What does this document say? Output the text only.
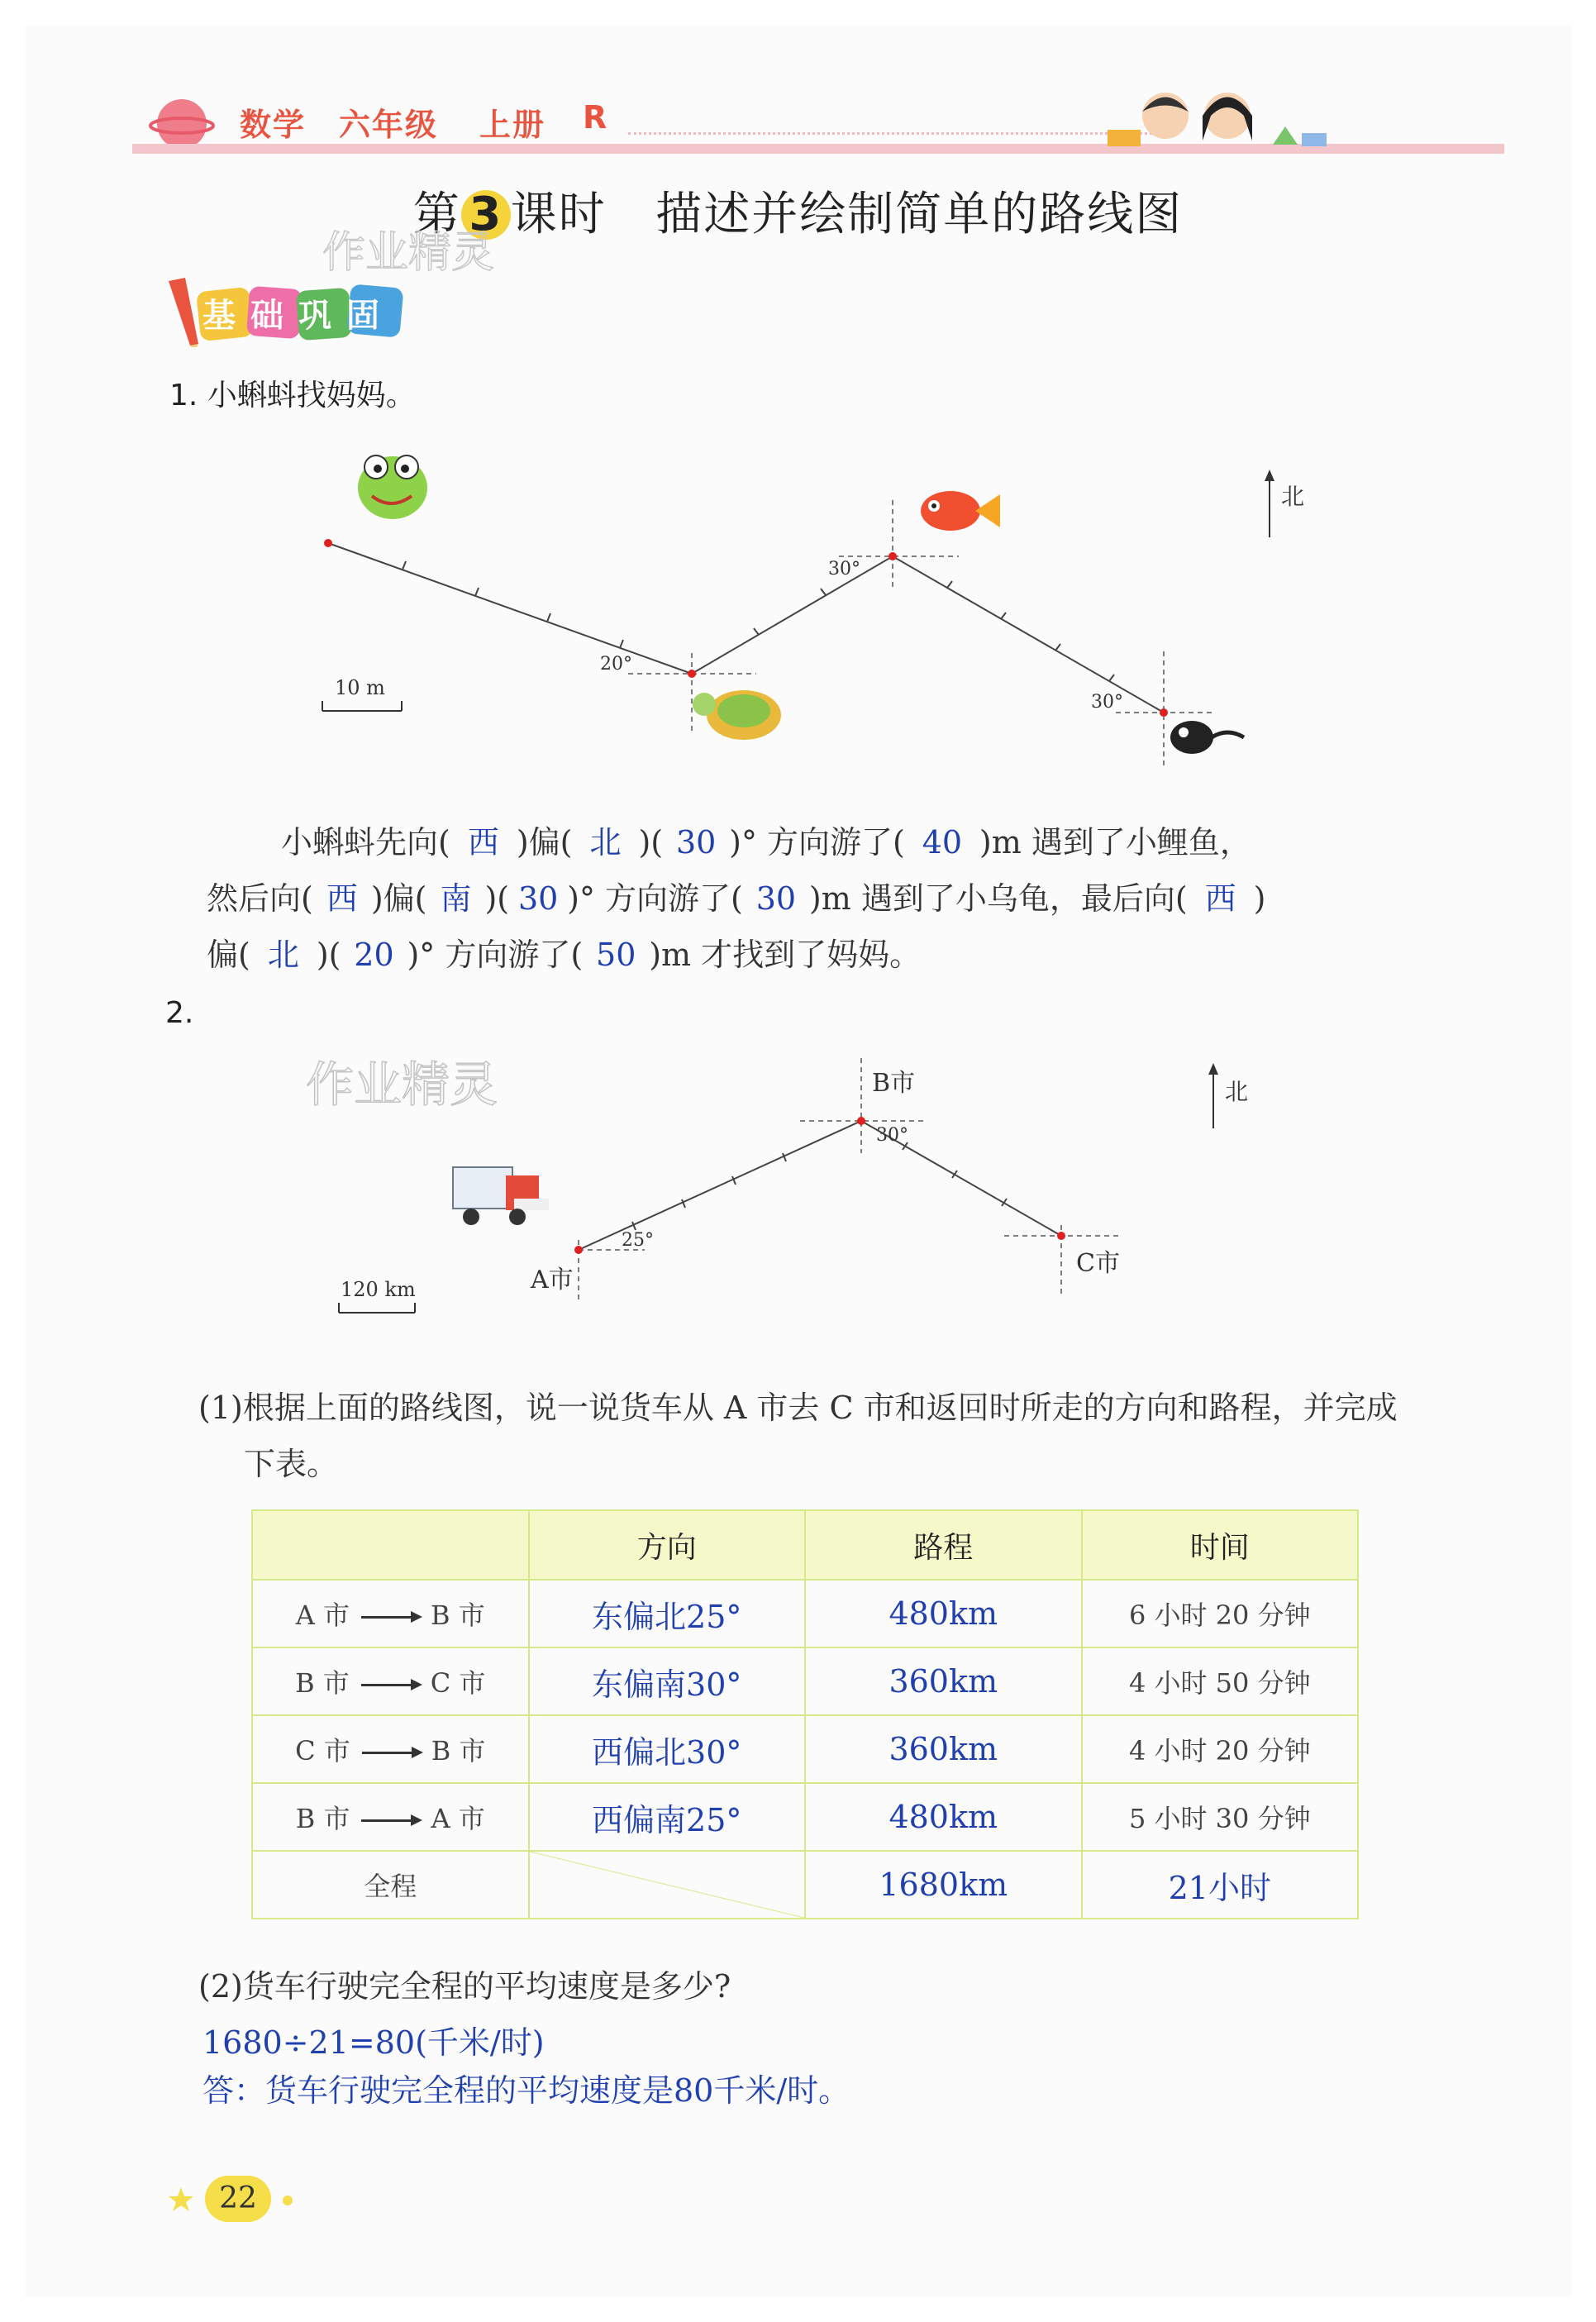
数学 六年级 上册 R
第 3 课时 描述并绘制简单的路线图
作业精灵
基础巩固
1. 小蝌蚪找妈妈。
北
20°
30°
30°
10 m
小蝌蚪先向( 西 )偏( 北 )( 30 )° 方向游了( 40 )m 遇到了小鲤鱼，
然后向( 西 )偏( 南 )( 30 )° 方向游了( 30 )m 遇到了小乌龟，最后向( 西 )
偏( 北 )( 20 )° 方向游了( 50 )m 才找到了妈妈。
2.
作业精灵	北
25°
30°
B市
A市
C市
120 km
(1)根据上面的路线图，说一说货车从 A 市去 C 市和返回时所走的方向和路程，并完成
下表。
	方向	路程	时间
A 市 B 市	东偏北25°	480km	6 小时 20 分钟
B 市 C 市	东偏南30°	360km	4 小时 50 分钟
C 市 B 市	西偏北30°	360km	4 小时 20 分钟
B 市 A 市	西偏南25°	480km	5 小时 30 分钟
全程		1680km	21小时
(2)货车行驶完全程的平均速度是多少?
1680÷21=80(千米/时)
答：货车行驶完全程的平均速度是80千米/时。
22
